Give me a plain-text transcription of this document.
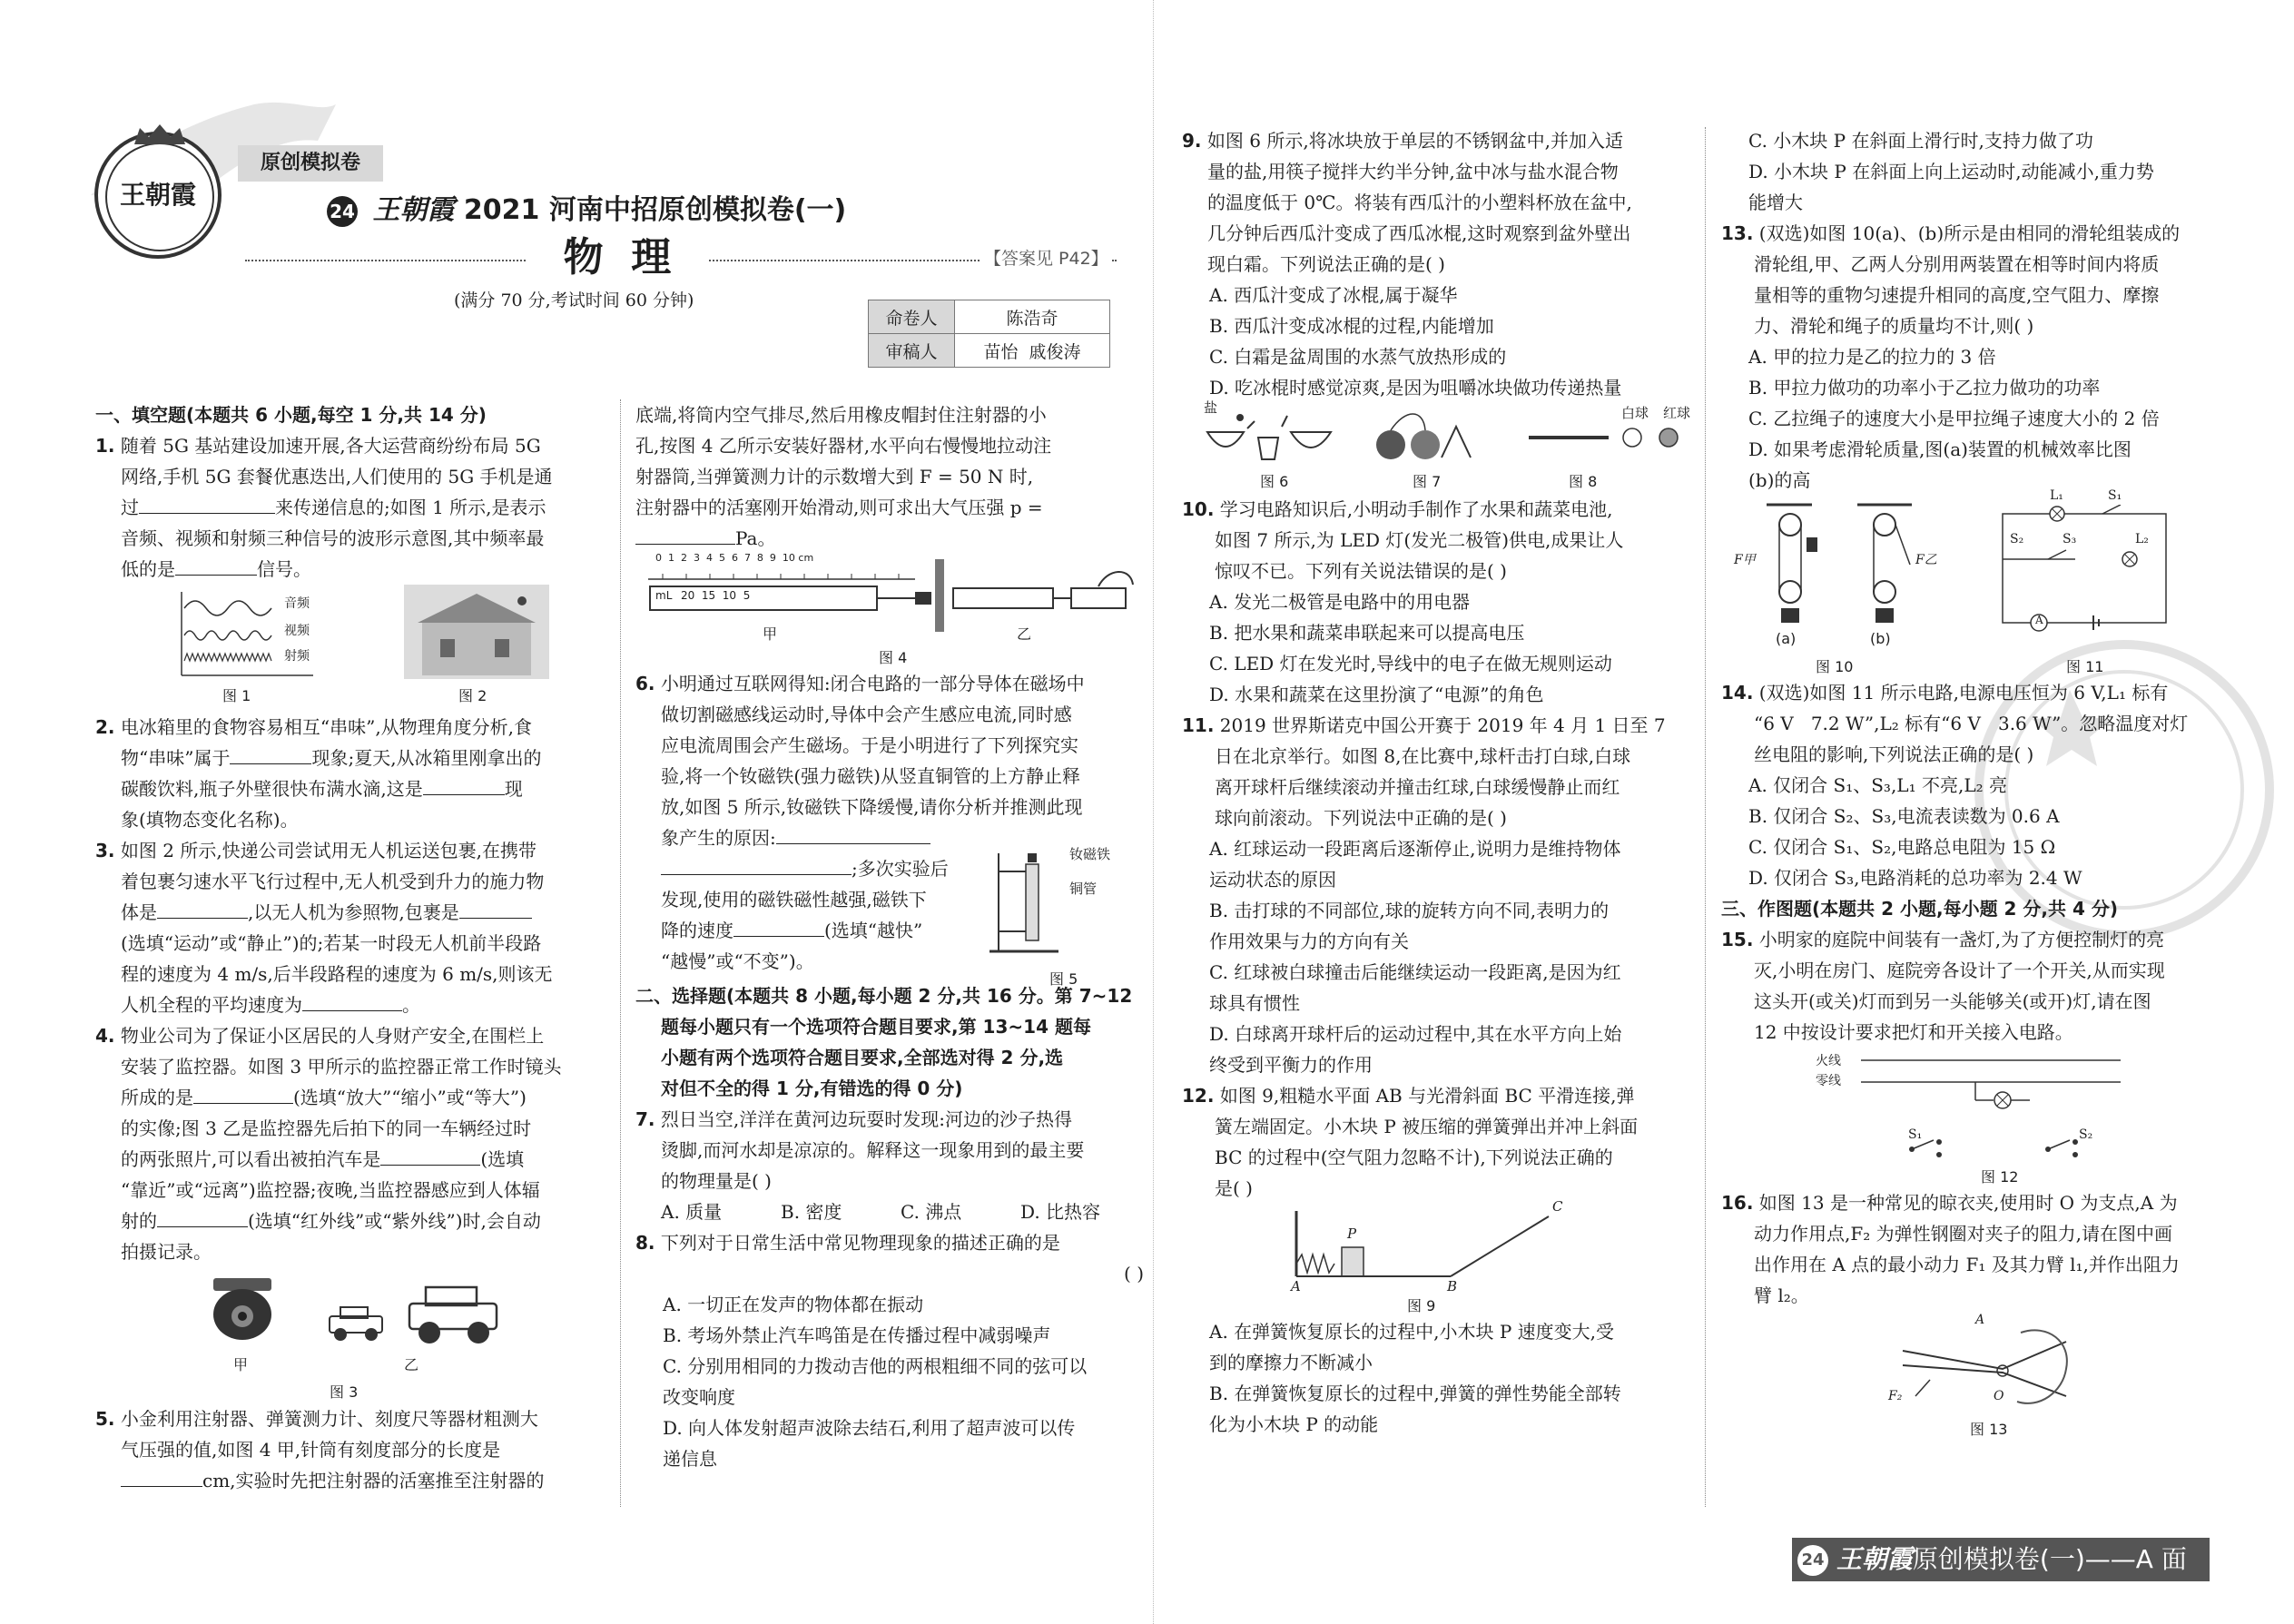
王朝霞
原创模拟卷
24 王朝霞 2021 河南中招原创模拟卷(一)
物  理	【答案见 P42】
(满分 70 分,考试时间 60 分钟)
命卷人	陈浩奇
审稿人	苗怡  戚俊涛

一、填空题(本题共 6 小题,每空 1 分,共 14 分)

1. 随着 5G 基站建设加速开展,各大运营商纷纷布局 5G

网络,手机 5G 套餐优惠迭出,人们使用的 5G 手机是通

过	来传递信息的;如图 1 所示,是表示

音频、视频和射频三种信号的波形示意图,其中频率最

低的是	信号。

音频
视频
射频
图 1	图 2

2. 电冰箱里的食物容易相互“串味”,从物理角度分析,食

物“串味”属于	现象;夏天,从冰箱里刚拿出的

碳酸饮料,瓶子外壁很快布满水滴,这是	现

象(填物态变化名称)。

3. 如图 2 所示,快递公司尝试用无人机运送包裹,在携带

着包裹匀速水平飞行过程中,无人机受到升力的施力物

体是	,以无人机为参照物,包裹是

(选填“运动”或“静止”)的;若某一时段无人机前半段路

程的速度为 4 m/s,后半段路程的速度为 6 m/s,则该无

人机全程的平均速度为	。

4. 物业公司为了保证小区居民的人身财产安全,在围栏上

安装了监控器。如图 3 甲所示的监控器正常工作时镜头

所成的是	(选填“放大”“缩小”或“等大”)

的实像;图 3 乙是监控器先后拍下的同一车辆经过时

的两张照片,可以看出被拍汽车是	(选填

“靠近”或“远离”)监控器;夜晚,当监控器感应到人体辐

射的	(选填“红外线”或“紫外线”)时,会自动

拍摄记录。

甲	乙
图 3

5. 小金利用注射器、弹簧测力计、刻度尺等器材粗测大

气压强的值,如图 4 甲,针筒有刻度部分的长度是

cm,实验时先把注射器的活塞推至注射器的

底端,将筒内空气排尽,然后用橡皮帽封住注射器的小

孔,按图 4 乙所示安装好器材,水平向右慢慢地拉动注

射器筒,当弹簧测力计的示数增大到 F = 50 N 时,

注射器中的活塞刚开始滑动,则可求出大气压强 p =

Pa。

0  1  2  3  4  5  6  7  8  9  10 cm
mL 20  15  10  5
甲	乙
图 4

6. 小明通过互联网得知:闭合电路的一部分导体在磁场中

做切割磁感线运动时,导体中会产生感应电流,同时感

应电流周围会产生磁场。于是小明进行了下列探究实

验,将一个钕磁铁(强力磁铁)从竖直铜管的上方静止释

放,如图 5 所示,钕磁铁下降缓慢,请你分析并推测此现

象产生的原因:

;多次实验后

发现,使用的磁铁磁性越强,磁铁下

降的速度	(选填“越快”

“越慢”或“不变”)。

钕磁铁
铜管
图 5

二、选择题(本题共 8 小题,每小题 2 分,共 16 分。第 7~12

题每小题只有一个选项符合题目要求,第 13~14 题每

小题有两个选项符合题目要求,全部选对得 2 分,选

对但不全的得 1 分,有错选的得 0 分)

7. 烈日当空,洋洋在黄河边玩耍时发现:河边的沙子热得

烫脚,而河水却是凉凉的。解释这一现象用到的最主要

的物理量是( )

A. 质量	B. 密度	C. 沸点	D. 比热容

8. 下列对于日常生活中常见物理现象的描述正确的是

( )

A. 一切正在发声的物体都在振动

B. 考场外禁止汽车鸣笛是在传播过程中减弱噪声

C. 分别用相同的力拨动吉他的两根粗细不同的弦可以

改变响度

D. 向人体发射超声波除去结石,利用了超声波可以传

递信息

9. 如图 6 所示,将冰块放于单层的不锈钢盆中,并加入适

量的盐,用筷子搅拌大约半分钟,盆中冰与盐水混合物

的温度低于 0℃。将装有西瓜汁的小塑料杯放在盆中,

几分钟后西瓜汁变成了西瓜冰棍,这时观察到盆外壁出

现白霜。下列说法正确的是( )

A. 西瓜汁变成了冰棍,属于凝华

B. 西瓜汁变成冰棍的过程,内能增加

C. 白霜是盆周围的水蒸气放热形成的

D. 吃冰棍时感觉凉爽,是因为咀嚼冰块做功传递热量

盐	白球 红球
图 6	图 7	图 8

10. 学习电路知识后,小明动手制作了水果和蔬菜电池,

如图 7 所示,为 LED 灯(发光二极管)供电,成果让人

惊叹不已。下列有关说法错误的是( )

A. 发光二极管是电路中的用电器

B. 把水果和蔬菜串联起来可以提高电压

C. LED 灯在发光时,导线中的电子在做无规则运动

D. 水果和蔬菜在这里扮演了“电源”的角色

11. 2019 世界斯诺克中国公开赛于 2019 年 4 月 1 日至 7

日在北京举行。如图 8,在比赛中,球杆击打白球,白球

离开球杆后继续滚动并撞击红球,白球缓慢静止而红

球向前滚动。下列说法中正确的是( )

A. 红球运动一段距离后逐渐停止,说明力是维持物体

运动状态的原因

B. 击打球的不同部位,球的旋转方向不同,表明力的

作用效果与力的方向有关

C. 红球被白球撞击后能继续运动一段距离,是因为红

球具有惯性

D. 白球离开球杆后的运动过程中,其在水平方向上始

终受到平衡力的作用

12. 如图 9,粗糙水平面 AB 与光滑斜面 BC 平滑连接,弹

簧左端固定。小木块 P 被压缩的弹簧弹出并冲上斜面

BC 的过程中(空气阻力忽略不计),下列说法正确的

是( )

P
A	B
C
图 9

A. 在弹簧恢复原长的过程中,小木块 P 速度变大,受

到的摩擦力不断减小

B. 在弹簧恢复原长的过程中,弹簧的弹性势能全部转

化为小木块 P 的动能

C. 小木块 P 在斜面上滑行时,支持力做了功

D. 小木块 P 在斜面上向上运动时,动能减小,重力势

能增大

13. (双选)如图 10(a)、(b)所示是由相同的滑轮组装成的

滑轮组,甲、乙两人分别用两装置在相等时间内将质

量相等的重物匀速提升相同的高度,空气阻力、摩擦

力、滑轮和绳子的质量均不计,则( )

A. 甲的拉力是乙的拉力的 3 倍

B. 甲拉力做功的功率小于乙拉力做功的功率

C. 乙拉绳子的速度大小是甲拉绳子速度大小的 2 倍

D. 如果考虑滑轮质量,图(a)装置的机械效率比图

(b)的高

F甲	F乙
(a)	(b)
图 10
L₁	S₁
S₂	S₃	L₂
A
图 11

14. (双选)如图 11 所示电路,电源电压恒为 6 V,L₁ 标有

“6 V   7.2 W”,L₂ 标有“6 V   3.6 W”。忽略温度对灯

丝电阻的影响,下列说法正确的是( )

A. 仅闭合 S₁、S₃,L₁ 不亮,L₂ 亮

B. 仅闭合 S₂、S₃,电流表读数为 0.6 A

C. 仅闭合 S₁、S₂,电路总电阻为 15 Ω

D. 仅闭合 S₃,电路消耗的总功率为 2.4 W

三、作图题(本题共 2 小题,每小题 2 分,共 4 分)

15. 小明家的庭院中间装有一盏灯,为了方便控制灯的亮

灭,小明在房门、庭院旁各设计了一个开关,从而实现

这头开(或关)灯而到另一头能够关(或开)灯,请在图

12 中按设计要求把灯和开关接入电路。

火线
零线
S₁	S₂
图 12

16. 如图 13 是一种常见的晾衣夹,使用时 O 为支点,A 为

动力作用点,F₂ 为弹性钢圈对夹子的阻力,请在图中画

出作用在 A 点的最小动力 F₁ 及其力臂 l₁,并作出阻力

臂 l₂。

A
F₂	O
图 13
24 王朝霞原创模拟卷(一)——A 面
